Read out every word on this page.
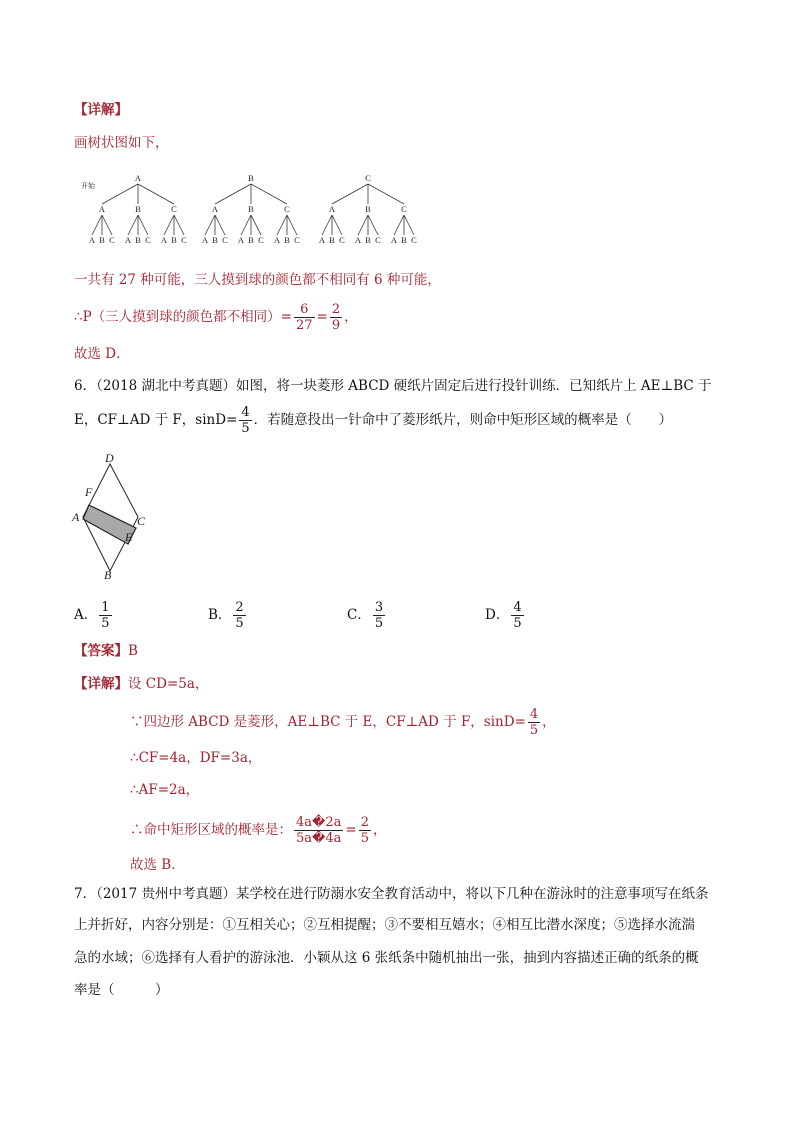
【详解】
画树状图如下，
开始
A
A
A B C
B
A B C
C
A B C
B
A
A B C
B
A B C
C
A B C
C
A
A B C
B
A B C
C
A B C
一共有 27 种可能，三人摸到球的颜色都不相同有 6 种可能，
∴P（三人摸到球的颜色都不相同）= $\frac{6}{27} = \frac{2}{9}$ ，
故选 D．
6．（2018 湖北中考真题）如图，将一块菱形 ABCD 硬纸片固定后进行投针训练．已知纸片上 AE⊥BC 于
E，CF⊥AD 于 F，$\sin D= \frac{4}{5}$ ．若随意投出一针命中了菱形纸片，则命中矩形区域的概率是（　　）
D
F
A	C
E
B
A． $\frac{1}{5}$	B． $\frac{2}{5}$	C． $\frac{3}{5}$	D． $\frac{4}{5}$
【答案】B
【详解】设 CD=5a，
∵四边形 ABCD 是菱形，AE⊥BC 于 E，CF⊥AD 于 F，$\sin D= \frac{4}{5}$ ，
∴CF=4a，DF=3a，
∴AF=2a，
∴命中矩形区域的概率是： $\frac{4a�2a}{5a�4a} = \frac{2}{5}$ ，
故选 B．
7．（2017 贵州中考真题）某学校在进行防溺水安全教育活动中，将以下几种在游泳时的注意事项写在纸条
上并折好，内容分别是：①互相关心；②互相提醒；③不要相互嬉水；④相互比潜水深度；⑤选择水流湍
急的水域；⑥选择有人看护的游泳池．小颖从这 6 张纸条中随机抽出一张，抽到内容描述正确的纸条的概
率是（　　　）
